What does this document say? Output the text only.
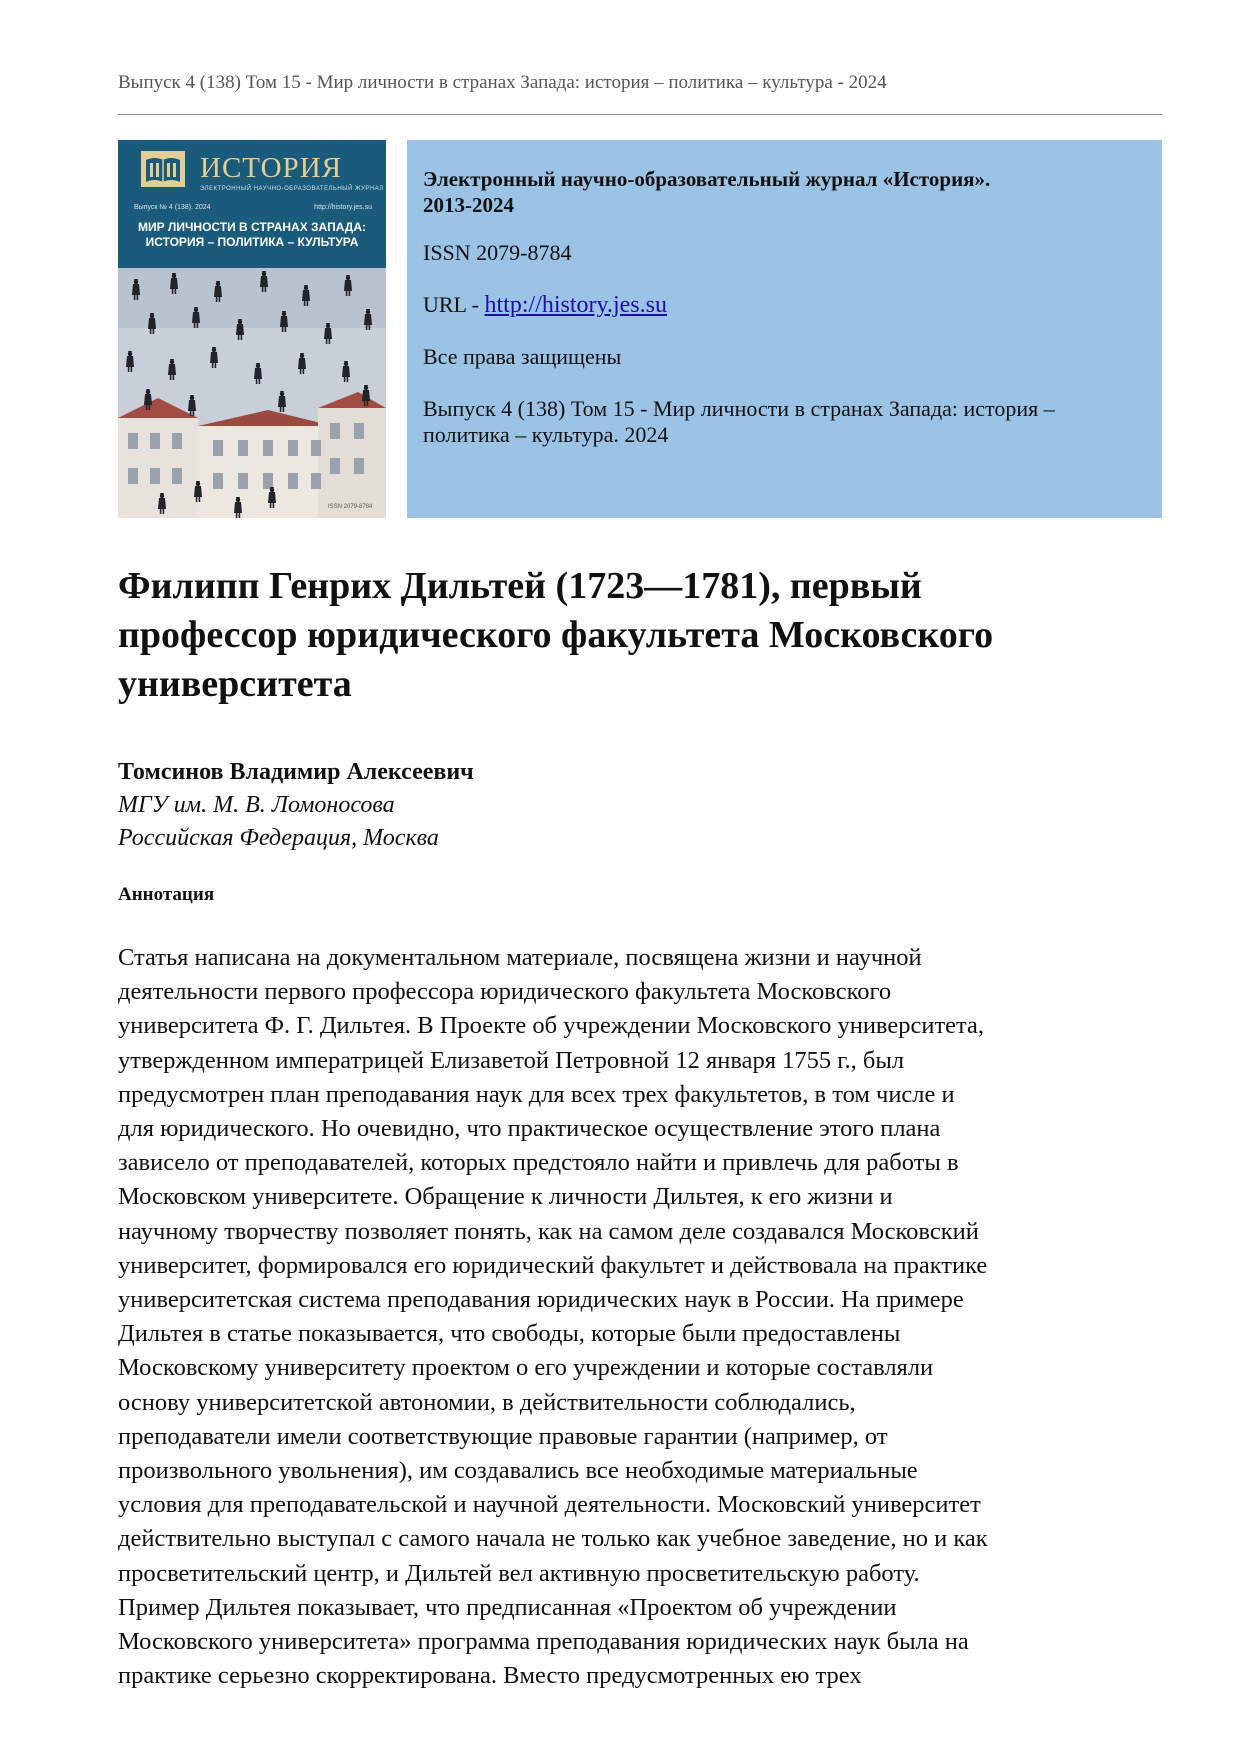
Выпуск 4 (138) Том 15 - Мир личности в странах Запада: история – политика – культура - 2024
ИСТОРИЯ
ЭЛЕКТРОННЫЙ НАУЧНО-ОБРАЗОВАТЕЛЬНЫЙ ЖУРНАЛ
Выпуск № 4 (138). 2024	http://history.jes.su
МИР ЛИЧНОСТИ В СТРАНАХ ЗАПАДА:
ИСТОРИЯ – ПОЛИТИКА – КУЛЬТУРА
ISSN 2079-8784
Электронный научно-образовательный журнал «История».
2013-2024

ISSN 2079-8784

URL - http://history.jes.su

Все права защищены

Выпуск 4 (138) Том 15 - Мир личности в странах Запада: история –
политика – культура. 2024

Филипп Генрих Дильтей (1723—1781), первый
профессор юридического факультета Московского
университета
Томсинов Владимир Алексеевич
МГУ им. М. В. Ломоносова
Российская Федерация, Москва
Аннотация

Статья написана на документальном материале, посвящена жизни и научной
деятельности первого профессора юридического факультета Московского
университета Ф. Г. Дильтея. В Проекте об учреждении Московского университета,
утвержденном императрицей Елизаветой Петровной 12 января 1755 г., был
предусмотрен план преподавания наук для всех трех факультетов, в том числе и
для юридического. Но очевидно, что практическое осуществление этого плана
зависело от преподавателей, которых предстояло найти и привлечь для работы в
Московском университете. Обращение к личности Дильтея, к его жизни и
научному творчеству позволяет понять, как на самом деле создавался Московский
университет, формировался его юридический факультет и действовала на практике
университетская система преподавания юридических наук в России. На примере
Дильтея в статье показывается, что свободы, которые были предоставлены
Московскому университету проектом о его учреждении и которые составляли
основу университетской автономии, в действительности соблюдались,
преподаватели имели соответствующие правовые гарантии (например, от
произвольного увольнения), им создавались все необходимые материальные
условия для преподавательской и научной деятельности. Московский университет
действительно выступал с самого начала не только как учебное заведение, но и как
просветительский центр, и Дильтей вел активную просветительскую работу.
Пример Дильтея показывает, что предписанная «Проектом об учреждении
Московского университета» программа преподавания юридических наук была на
практике серьезно скорректирована. Вместо предусмотренных ею трех
